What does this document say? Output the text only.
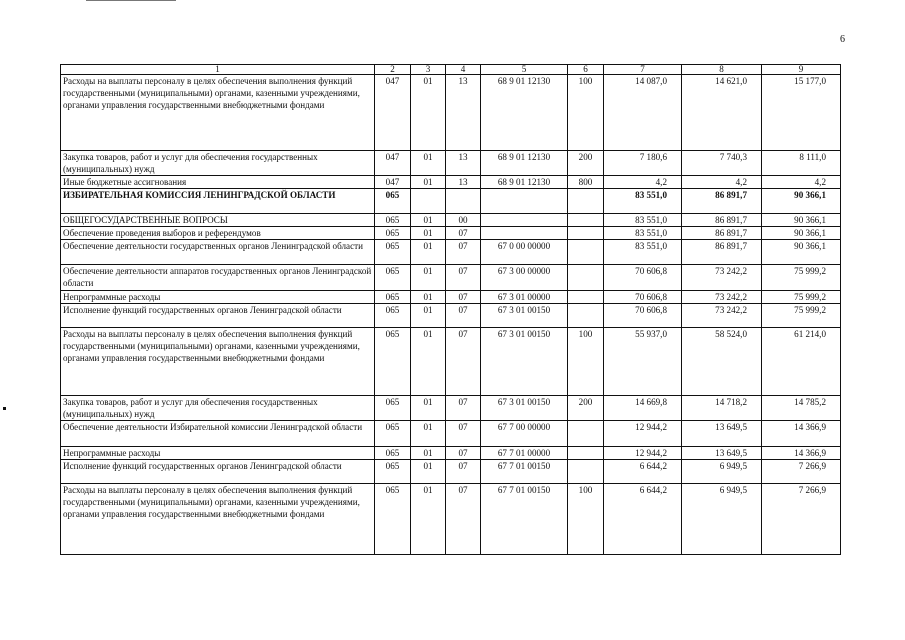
6
1	2	3	4	5	6	7	8	9
Расходы на выплаты персоналу в целях обеспечения выполнения функций государственными (муниципальными) органами, казенными учреждениями, органами управления государственными внебюджетными фондами	047	01	13	68 9 01 12130	100	14 087,0	14 621,0	15 177,0
Закупка товаров, работ и услуг для обеспечения государственных (муниципальных) нужд	047	01	13	68 9 01 12130	200	7 180,6	7 740,3	8 111,0
Иные бюджетные ассигнования	047	01	13	68 9 01 12130	800	4,2	4,2	4,2
ИЗБИРАТЕЛЬНАЯ КОМИССИЯ ЛЕНИНГРАДСКОЙ ОБЛАСТИ	065					83 551,0	86 891,7	90 366,1
ОБЩЕГОСУДАРСТВЕННЫЕ ВОПРОСЫ	065	01	00			83 551,0	86 891,7	90 366,1
Обеспечение проведения выборов и референдумов	065	01	07			83 551,0	86 891,7	90 366,1
Обеспечение деятельности государственных органов Ленинградской области	065	01	07	67 0 00 00000		83 551,0	86 891,7	90 366,1
Обеспечение деятельности аппаратов государственных органов Ленинградской области	065	01	07	67 3 00 00000		70 606,8	73 242,2	75 999,2
Непрограммные расходы	065	01	07	67 3 01 00000		70 606,8	73 242,2	75 999,2
Исполнение функций государственных органов Ленинградской области	065	01	07	67 3 01 00150		70 606,8	73 242,2	75 999,2
Расходы на выплаты персоналу в целях обеспечения выполнения функций государственными (муниципальными) органами, казенными учреждениями, органами управления государственными внебюджетными фондами	065	01	07	67 3 01 00150	100	55 937,0	58 524,0	61 214,0
Закупка товаров, работ и услуг для обеспечения государственных (муниципальных) нужд	065	01	07	67 3 01 00150	200	14 669,8	14 718,2	14 785,2
Обеспечение деятельности Избирательной комиссии Ленинградской области	065	01	07	67 7 00 00000		12 944,2	13 649,5	14 366,9
Непрограммные расходы	065	01	07	67 7 01 00000		12 944,2	13 649,5	14 366,9
Исполнение функций государственных органов Ленинградской области	065	01	07	67 7 01 00150		6 644,2	6 949,5	7 266,9
Расходы на выплаты персоналу в целях обеспечения выполнения функций государственными (муниципальными) органами, казенными учреждениями, органами управления государственными внебюджетными фондами	065	01	07	67 7 01 00150	100	6 644,2	6 949,5	7 266,9
